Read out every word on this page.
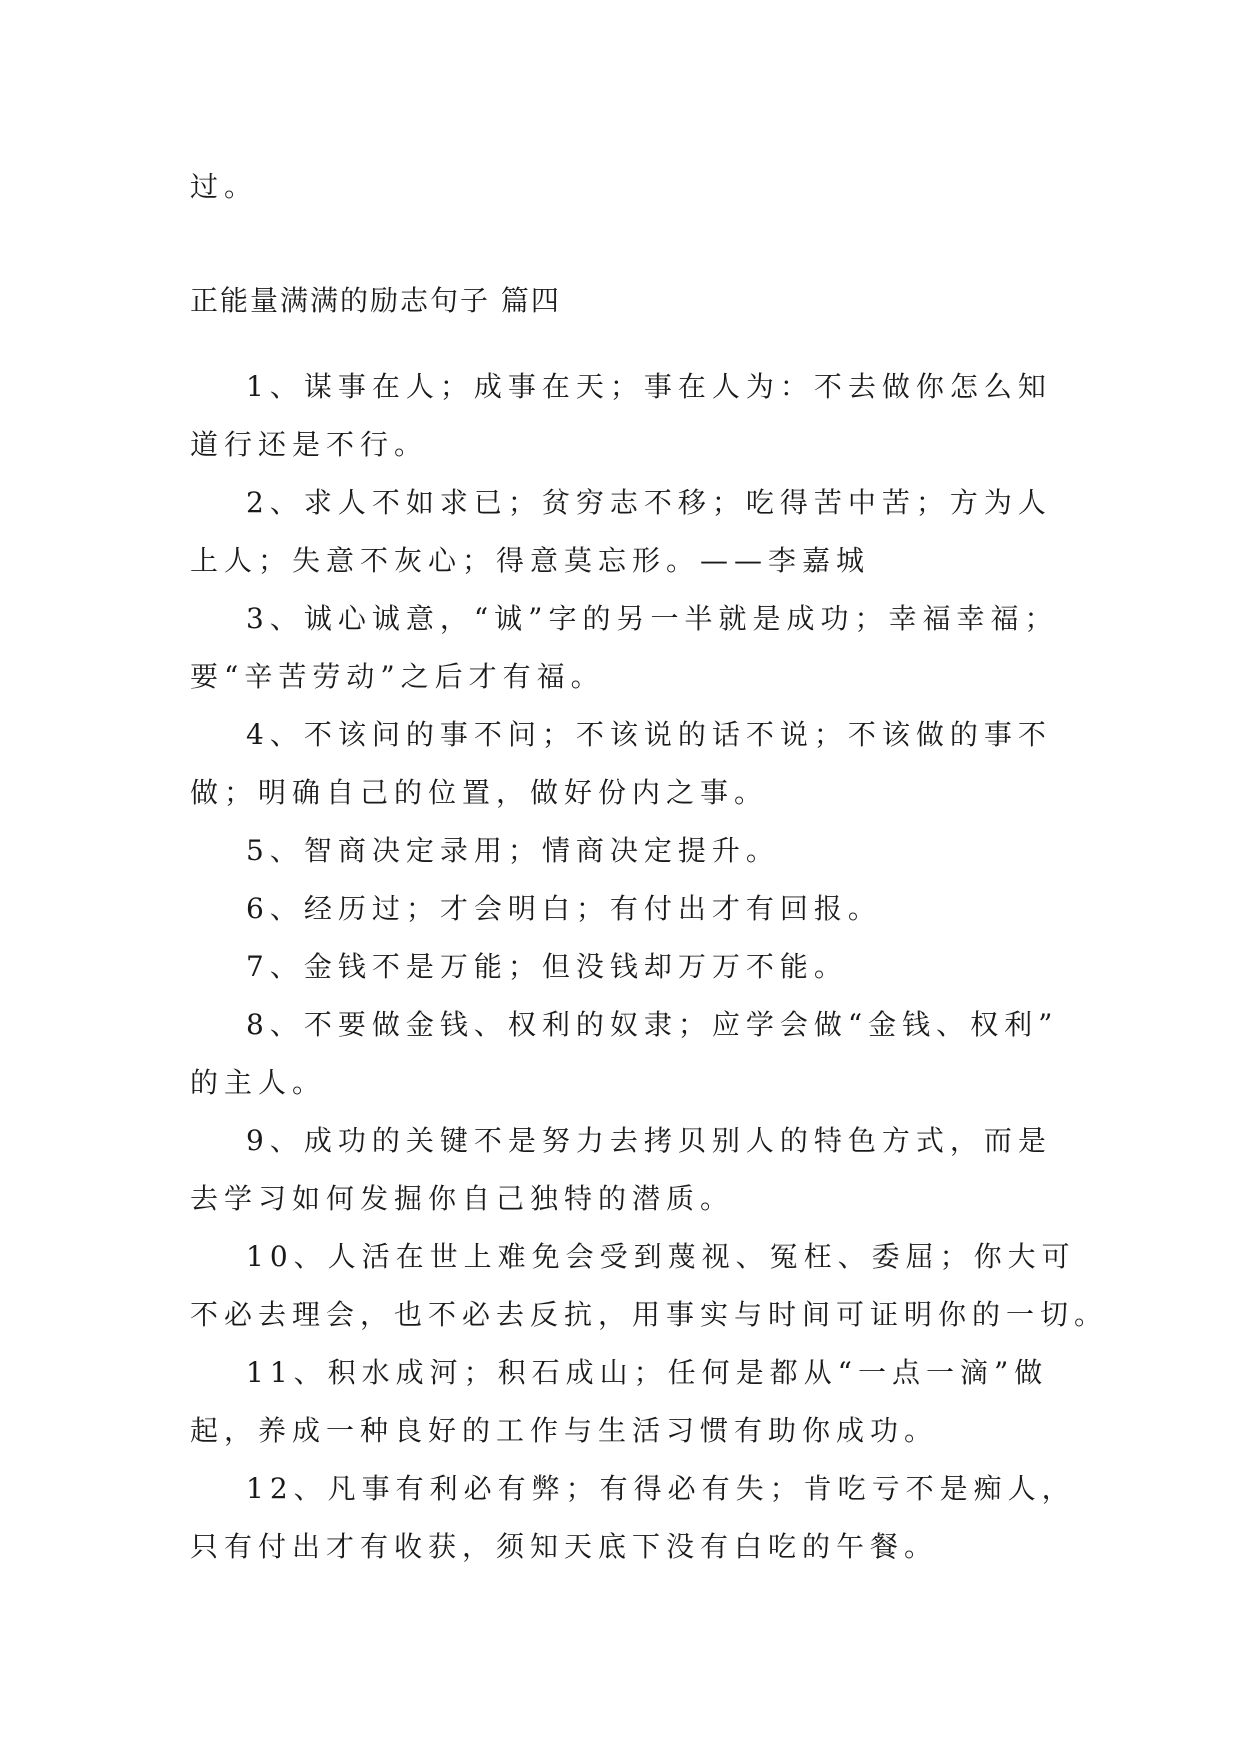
过。

正能量满满的励志句子 篇四

1、谋事在人；成事在天；事在人为：不去做你怎么知

道行还是不行。

2、求人不如求已；贫穷志不移；吃得苦中苦；方为人

上人；失意不灰心；得意莫忘形。——李嘉城

3、诚心诚意，“诚”字的另一半就是成功；幸福幸福；

要“辛苦劳动”之后才有福。

4、不该问的事不问；不该说的话不说；不该做的事不

做；明确自己的位置，做好份内之事。

5、智商决定录用；情商决定提升。

6、经历过；才会明白；有付出才有回报。

7、金钱不是万能；但没钱却万万不能。

8、不要做金钱、权利的奴隶；应学会做“金钱、权利”

的主人。

9、成功的关键不是努力去拷贝别人的特色方式，而是

去学习如何发掘你自己独特的潜质。

10、人活在世上难免会受到蔑视、冤枉、委屈；你大可

不必去理会，也不必去反抗，用事实与时间可证明你的一切。

11、积水成河；积石成山；任何是都从“一点一滴”做

起，养成一种良好的工作与生活习惯有助你成功。

12、凡事有利必有弊；有得必有失；肯吃亏不是痴人，

只有付出才有收获，须知天底下没有白吃的午餐。
